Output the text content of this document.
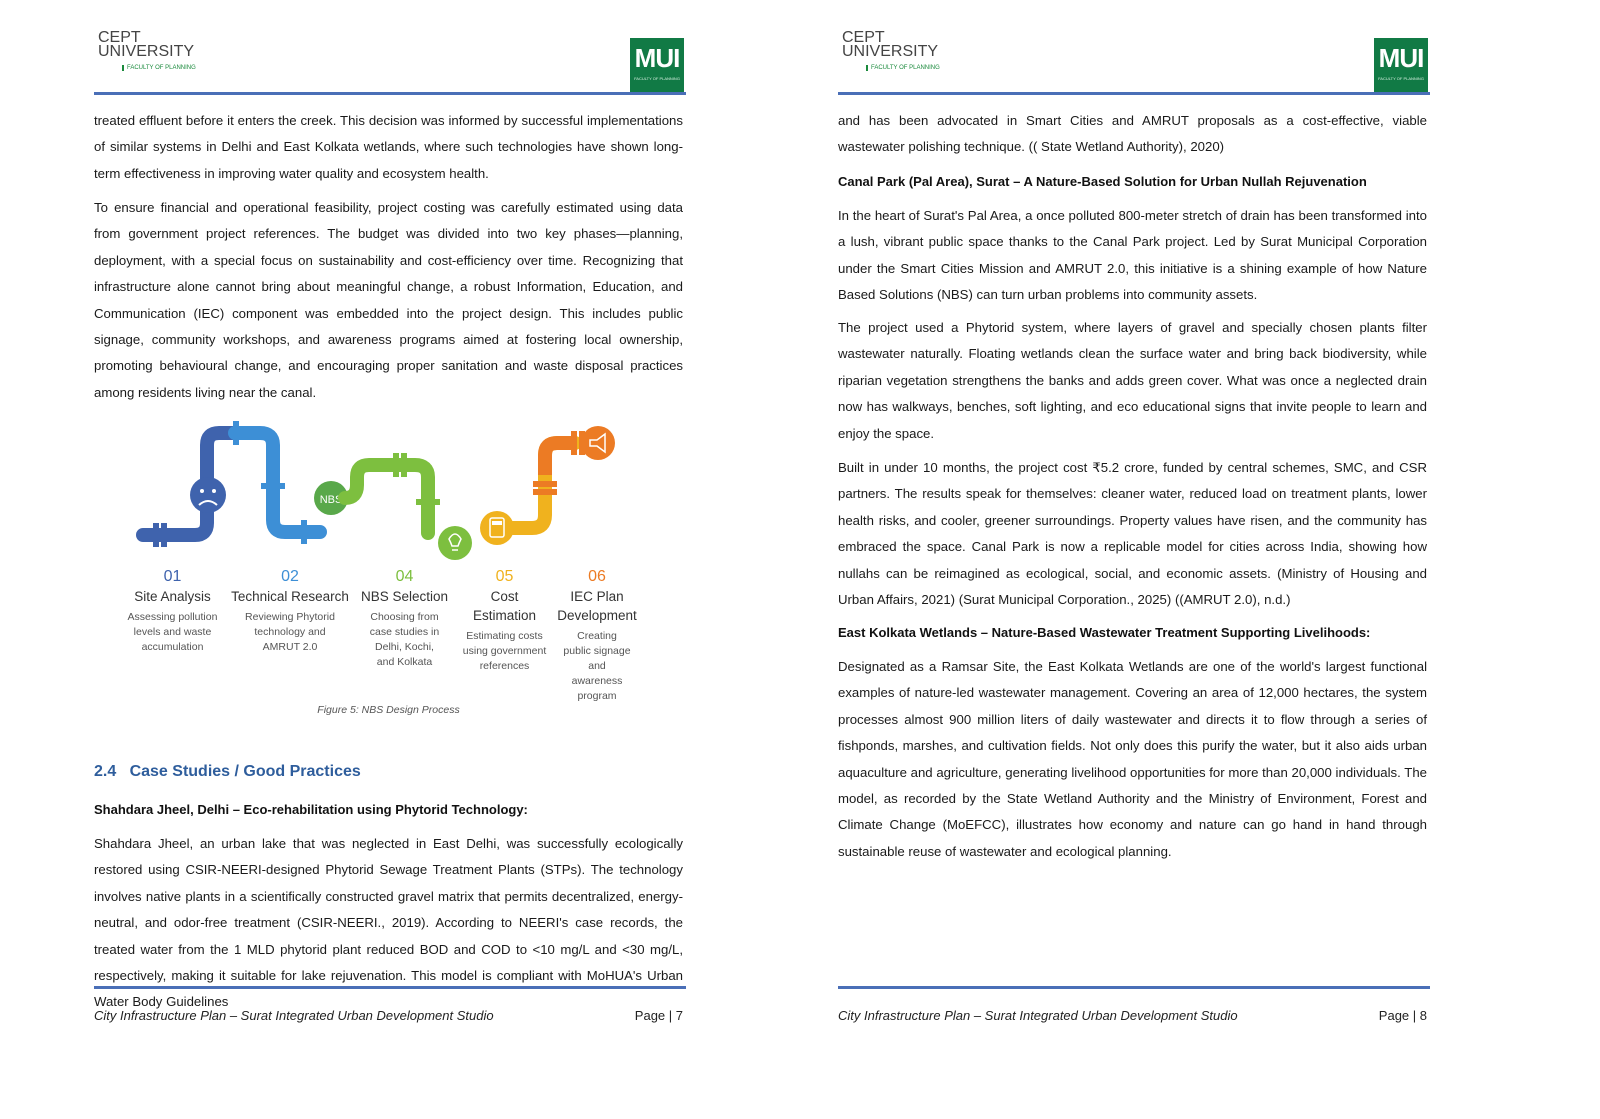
CEPT
UNIVERSITY
FACULTY OF PLANNING	MUI
FACULTY OF PLANNING
treated effluent before it enters the creek. This decision was informed by successful implementations of similar systems in Delhi and East Kolkata wetlands, where such technologies have shown long-term effectiveness in improving water quality and ecosystem health.
To ensure financial and operational feasibility, project costing was carefully estimated using data from government project references. The budget was divided into two key phases—planning, deployment, with a special focus on sustainability and cost-efficiency over time. Recognizing that infrastructure alone cannot bring about meaningful change, a robust Information, Education, and Communication (IEC) component was embedded into the project design. This includes public signage, community workshops, and awareness programs aimed at fostering local ownership, promoting behavioural change, and encouraging proper sanitation and waste disposal practices among residents living near the canal.
NBS
01
Site Analysis
Assessing pollution levels and waste accumulation
02
Technical Research
Reviewing Phytorid technology and AMRUT 2.0
04
NBS Selection
Choosing from case studies in Delhi, Kochi, and Kolkata
05
Cost Estimation
Estimating costs using government references
06
IEC Plan Development
Creating public signage and awareness program
Figure 5: NBS Design Process
2.4   Case Studies / Good Practices
Shahdara Jheel, Delhi – Eco-rehabilitation using Phytorid Technology:
Shahdara Jheel, an urban lake that was neglected in East Delhi, was successfully ecologically restored using CSIR-NEERI-designed Phytorid Sewage Treatment Plants (STPs). The technology involves native plants in a scientifically constructed gravel matrix that permits decentralized, energy-neutral, and odor-free treatment (CSIR-NEERI., 2019). According to NEERI's case records, the treated water from the 1 MLD phytorid plant reduced BOD and COD to <10 mg/L and <30 mg/L, respectively, making it suitable for lake rejuvenation. This model is compliant with MoHUA's Urban Water Body Guidelines
City Infrastructure Plan – Surat Integrated Urban Development Studio	Page | 7
CEPT
UNIVERSITY
FACULTY OF PLANNING	MUI
FACULTY OF PLANNING
and has been advocated in Smart Cities and AMRUT proposals as a cost-effective, viable wastewater polishing technique. (( State Wetland Authority), 2020)
Canal Park (Pal Area), Surat – A Nature-Based Solution for Urban Nullah Rejuvenation
In the heart of Surat's Pal Area, a once polluted 800-meter stretch of drain has been transformed into a lush, vibrant public space thanks to the Canal Park project. Led by Surat Municipal Corporation under the Smart Cities Mission and AMRUT 2.0, this initiative is a shining example of how Nature Based Solutions (NBS) can turn urban problems into community assets.
The project used a Phytorid system, where layers of gravel and specially chosen plants filter wastewater naturally. Floating wetlands clean the surface water and bring back biodiversity, while riparian vegetation strengthens the banks and adds green cover. What was once a neglected drain now has walkways, benches, soft lighting, and eco educational signs that invite people to learn and enjoy the space.
Built in under 10 months, the project cost ₹5.2 crore, funded by central schemes, SMC, and CSR partners. The results speak for themselves: cleaner water, reduced load on treatment plants, lower health risks, and cooler, greener surroundings. Property values have risen, and the community has embraced the space. Canal Park is now a replicable model for cities across India, showing how nullahs can be reimagined as ecological, social, and economic assets. (Ministry of Housing and Urban Affairs, 2021) (Surat Municipal Corporation., 2025) ((AMRUT 2.0), n.d.)
East Kolkata Wetlands – Nature-Based Wastewater Treatment Supporting Livelihoods:
Designated as a Ramsar Site, the East Kolkata Wetlands are one of the world's largest functional examples of nature-led wastewater management. Covering an area of 12,000 hectares, the system processes almost 900 million liters of daily wastewater and directs it to flow through a series of fishponds, marshes, and cultivation fields. Not only does this purify the water, but it also aids urban aquaculture and agriculture, generating livelihood opportunities for more than 20,000 individuals. The model, as recorded by the State Wetland Authority and the Ministry of Environment, Forest and Climate Change (MoEFCC), illustrates how economy and nature can go hand in hand through sustainable reuse of wastewater and ecological planning.
City Infrastructure Plan – Surat Integrated Urban Development Studio	Page | 8
